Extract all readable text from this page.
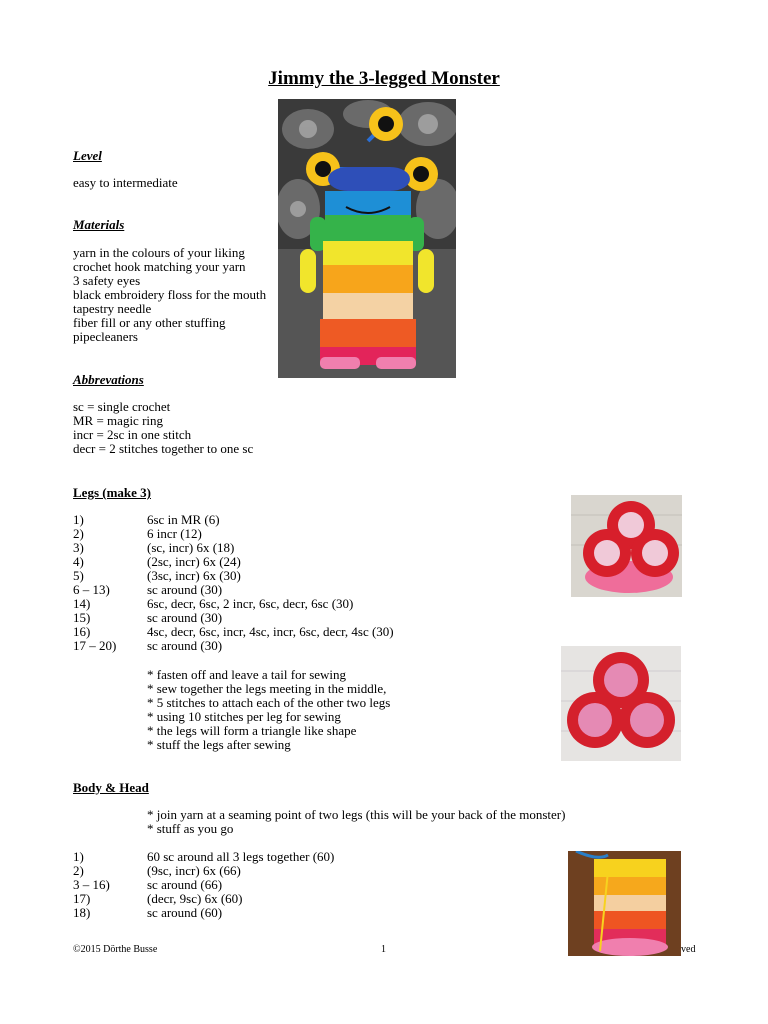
Jimmy the 3-legged Monster
Level
easy to intermediate
Materials
yarn in the colours of your liking
crochet hook matching your yarn
3 safety eyes
black embroidery floss for the mouth
tapestry needle
fiber fill or any other stuffing
pipecleaners
Abbrevations
sc = single crochet
MR = magic ring
incr = 2sc in one stitch
decr = 2 stitches together to one sc
Legs (make 3)
1)	6sc in MR (6)
2)	6 incr (12)
3)	(sc, incr) 6x (18)
4)	(2sc, incr) 6x (24)
5)	(3sc, incr) 6x (30)
6 – 13)	sc around (30)
14)	6sc, decr, 6sc, 2 incr, 6sc, decr, 6sc (30)
15)	sc around (30)
16)	4sc, decr, 6sc, incr, 4sc, incr, 6sc, decr, 4sc (30)
17 – 20) sc around (30)
* fasten off and leave a tail for sewing
* sew together the legs meeting in the middle,
* 5 stitches to attach each of the other two legs
* using 10 stitches per leg for sewing
* the legs will form a triangle like shape
* stuff the legs after sewing
Body & Head
* join yarn at a seaming point of two legs (this will be your back of the monster)
* stuff as you go
1)	60 sc around all 3 legs together (60)
2)	(9sc, incr) 6x (66)
3 – 16)	sc around (66)
17)	(decr, 9sc) 6x (60)
18)	sc around (60)
©2015 Dörthe Busse	1	ved
